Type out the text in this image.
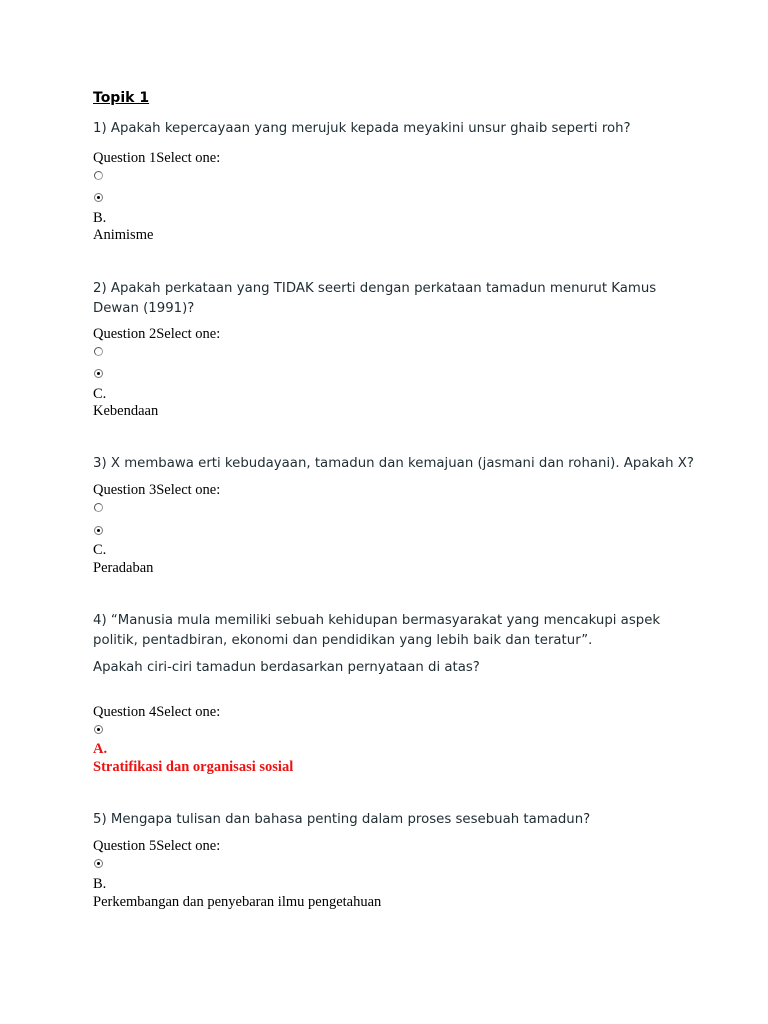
Topik 1
1) Apakah kepercayaan yang merujuk kepada meyakini unsur ghaib seperti roh?
Question 1Select one:
B.
Animisme
2) Apakah perkataan yang TIDAK seerti dengan perkataan tamadun menurut Kamus Dewan (1991)?
Question 2Select one:
C.
Kebendaan
3) X membawa erti kebudayaan, tamadun dan kemajuan (jasmani dan rohani). Apakah X?
Question 3Select one:
C.
Peradaban
4) “Manusia mula memiliki sebuah kehidupan bermasyarakat yang mencakupi aspek politik, pentadbiran, ekonomi dan pendidikan yang lebih baik dan teratur”.
Apakah ciri-ciri tamadun berdasarkan pernyataan di atas?
Question 4Select one:
A.
Stratifikasi dan organisasi sosial
5) Mengapa tulisan dan bahasa penting dalam proses sesebuah tamadun?
Question 5Select one:
B.
Perkembangan dan penyebaran ilmu pengetahuan
